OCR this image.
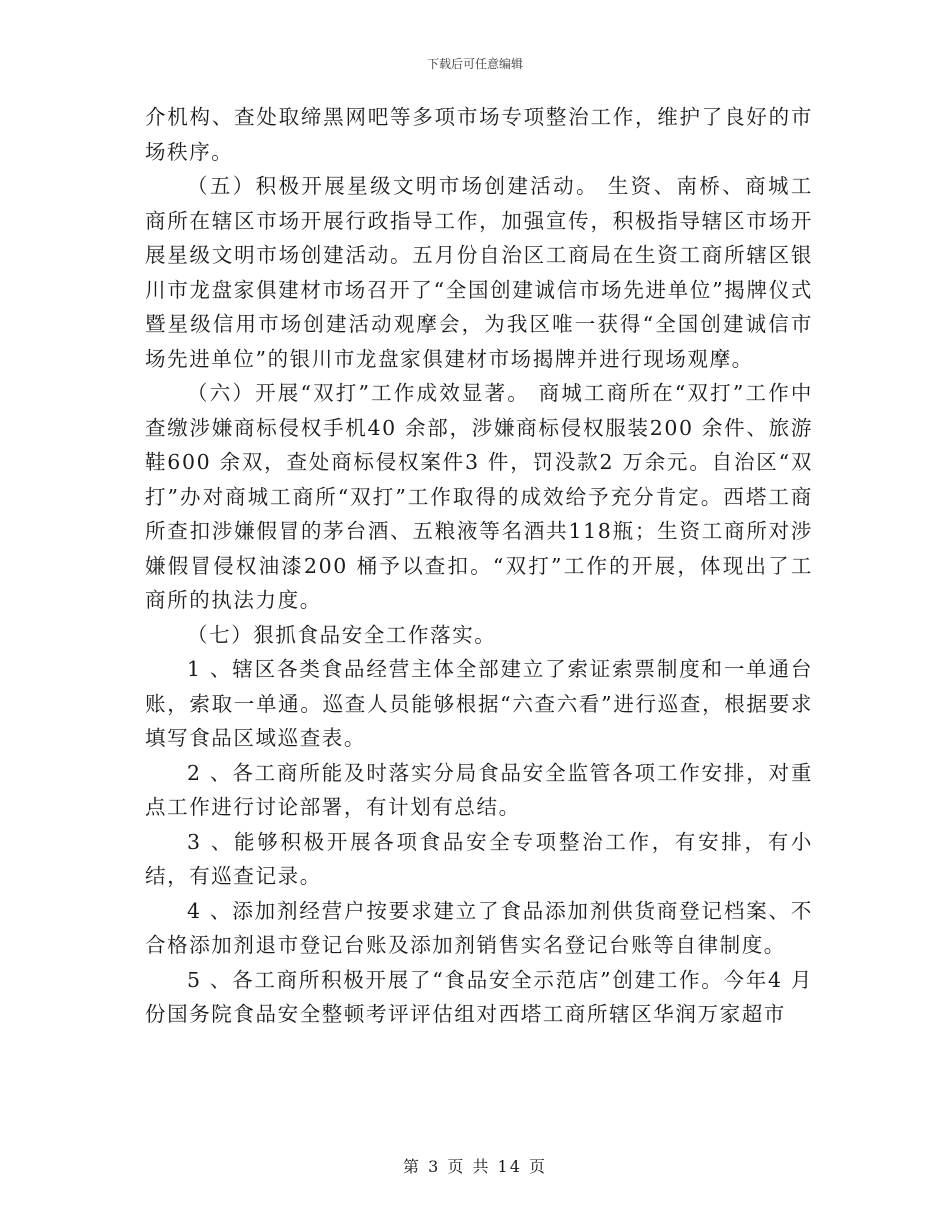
下载后可任意编辑

介机构、查处取缔黑网吧等多项市场专项整治工作，维护了良好的市场秩序。

（五）积极开展星级文明市场创建活动。 生资、南桥、商城工商所在辖区市场开展行政指导工作，加强宣传，积极指导辖区市场开展星级文明市场创建活动。五月份自治区工商局在生资工商所辖区银川市龙盘家俱建材市场召开了“全国创建诚信市场先进单位”揭牌仪式暨星级信用市场创建活动观摩会，为我区唯一获得“全国创建诚信市场先进单位”的银川市龙盘家俱建材市场揭牌并进行现场观摩。

（六）开展“双打”工作成效显著。 商城工商所在“双打”工作中查缴涉嫌商标侵权手机40 余部，涉嫌商标侵权服装200 余件、旅游鞋600 余双，查处商标侵权案件3 件，罚没款2 万余元。自治区“双打”办对商城工商所“双打”工作取得的成效给予充分肯定。西塔工商所查扣涉嫌假冒的茅台酒、五粮液等名酒共118瓶；生资工商所对涉嫌假冒侵权油漆200 桶予以查扣。“双打”工作的开展，体现出了工商所的执法力度。

（七）狠抓食品安全工作落实。

1 、辖区各类食品经营主体全部建立了索证索票制度和一单通台账，索取一单通。巡查人员能够根据“六查六看”进行巡查，根据要求填写食品区域巡查表。

2 、各工商所能及时落实分局食品安全监管各项工作安排，对重点工作进行讨论部署，有计划有总结。

3 、能够积极开展各项食品安全专项整治工作，有安排，有小结，有巡查记录。

4 、添加剂经营户按要求建立了食品添加剂供货商登记档案、不合格添加剂退市登记台账及添加剂销售实名登记台账等自律制度。

5 、各工商所积极开展了“食品安全示范店”创建工作。今年4 月份国务院食品安全整顿考评评估组对西塔工商所辖区华润万家超市

第 3 页 共 14 页
